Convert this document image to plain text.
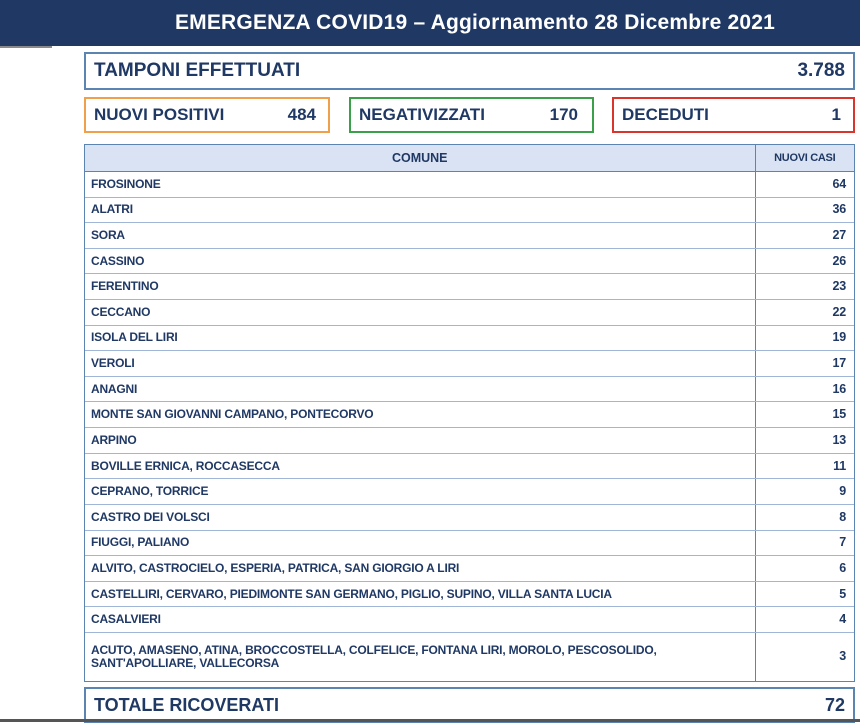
EMERGENZA COVID19 – Aggiornamento 28 Dicembre 2021
TAMPONI EFFETTUATI	3.788
NUOVI POSITIVI	484	NEGATIVIZZATI	170	DECEDUTI	1
COMUNE	NUOVI CASI
FROSINONE	64
ALATRI	36
SORA	27
CASSINO	26
FERENTINO	23
CECCANO	22
ISOLA DEL LIRI	19
VEROLI	17
ANAGNI	16
MONTE SAN GIOVANNI CAMPANO, PONTECORVO	15
ARPINO	13
BOVILLE ERNICA, ROCCASECCA	11
CEPRANO, TORRICE	9
CASTRO DEI VOLSCI	8
FIUGGI, PALIANO	7
ALVITO, CASTROCIELO, ESPERIA, PATRICA, SAN GIORGIO A LIRI	6
CASTELLIRI, CERVARO, PIEDIMONTE SAN GERMANO, PIGLIO, SUPINO, VILLA SANTA LUCIA	5
CASALVIERI	4
ACUTO, AMASENO, ATINA, BROCCOSTELLA, COLFELICE, FONTANA LIRI, MOROLO, PESCOSOLIDO, SANT'APOLLIARE, VALLECORSA	3
TOTALE RICOVERATI	72
